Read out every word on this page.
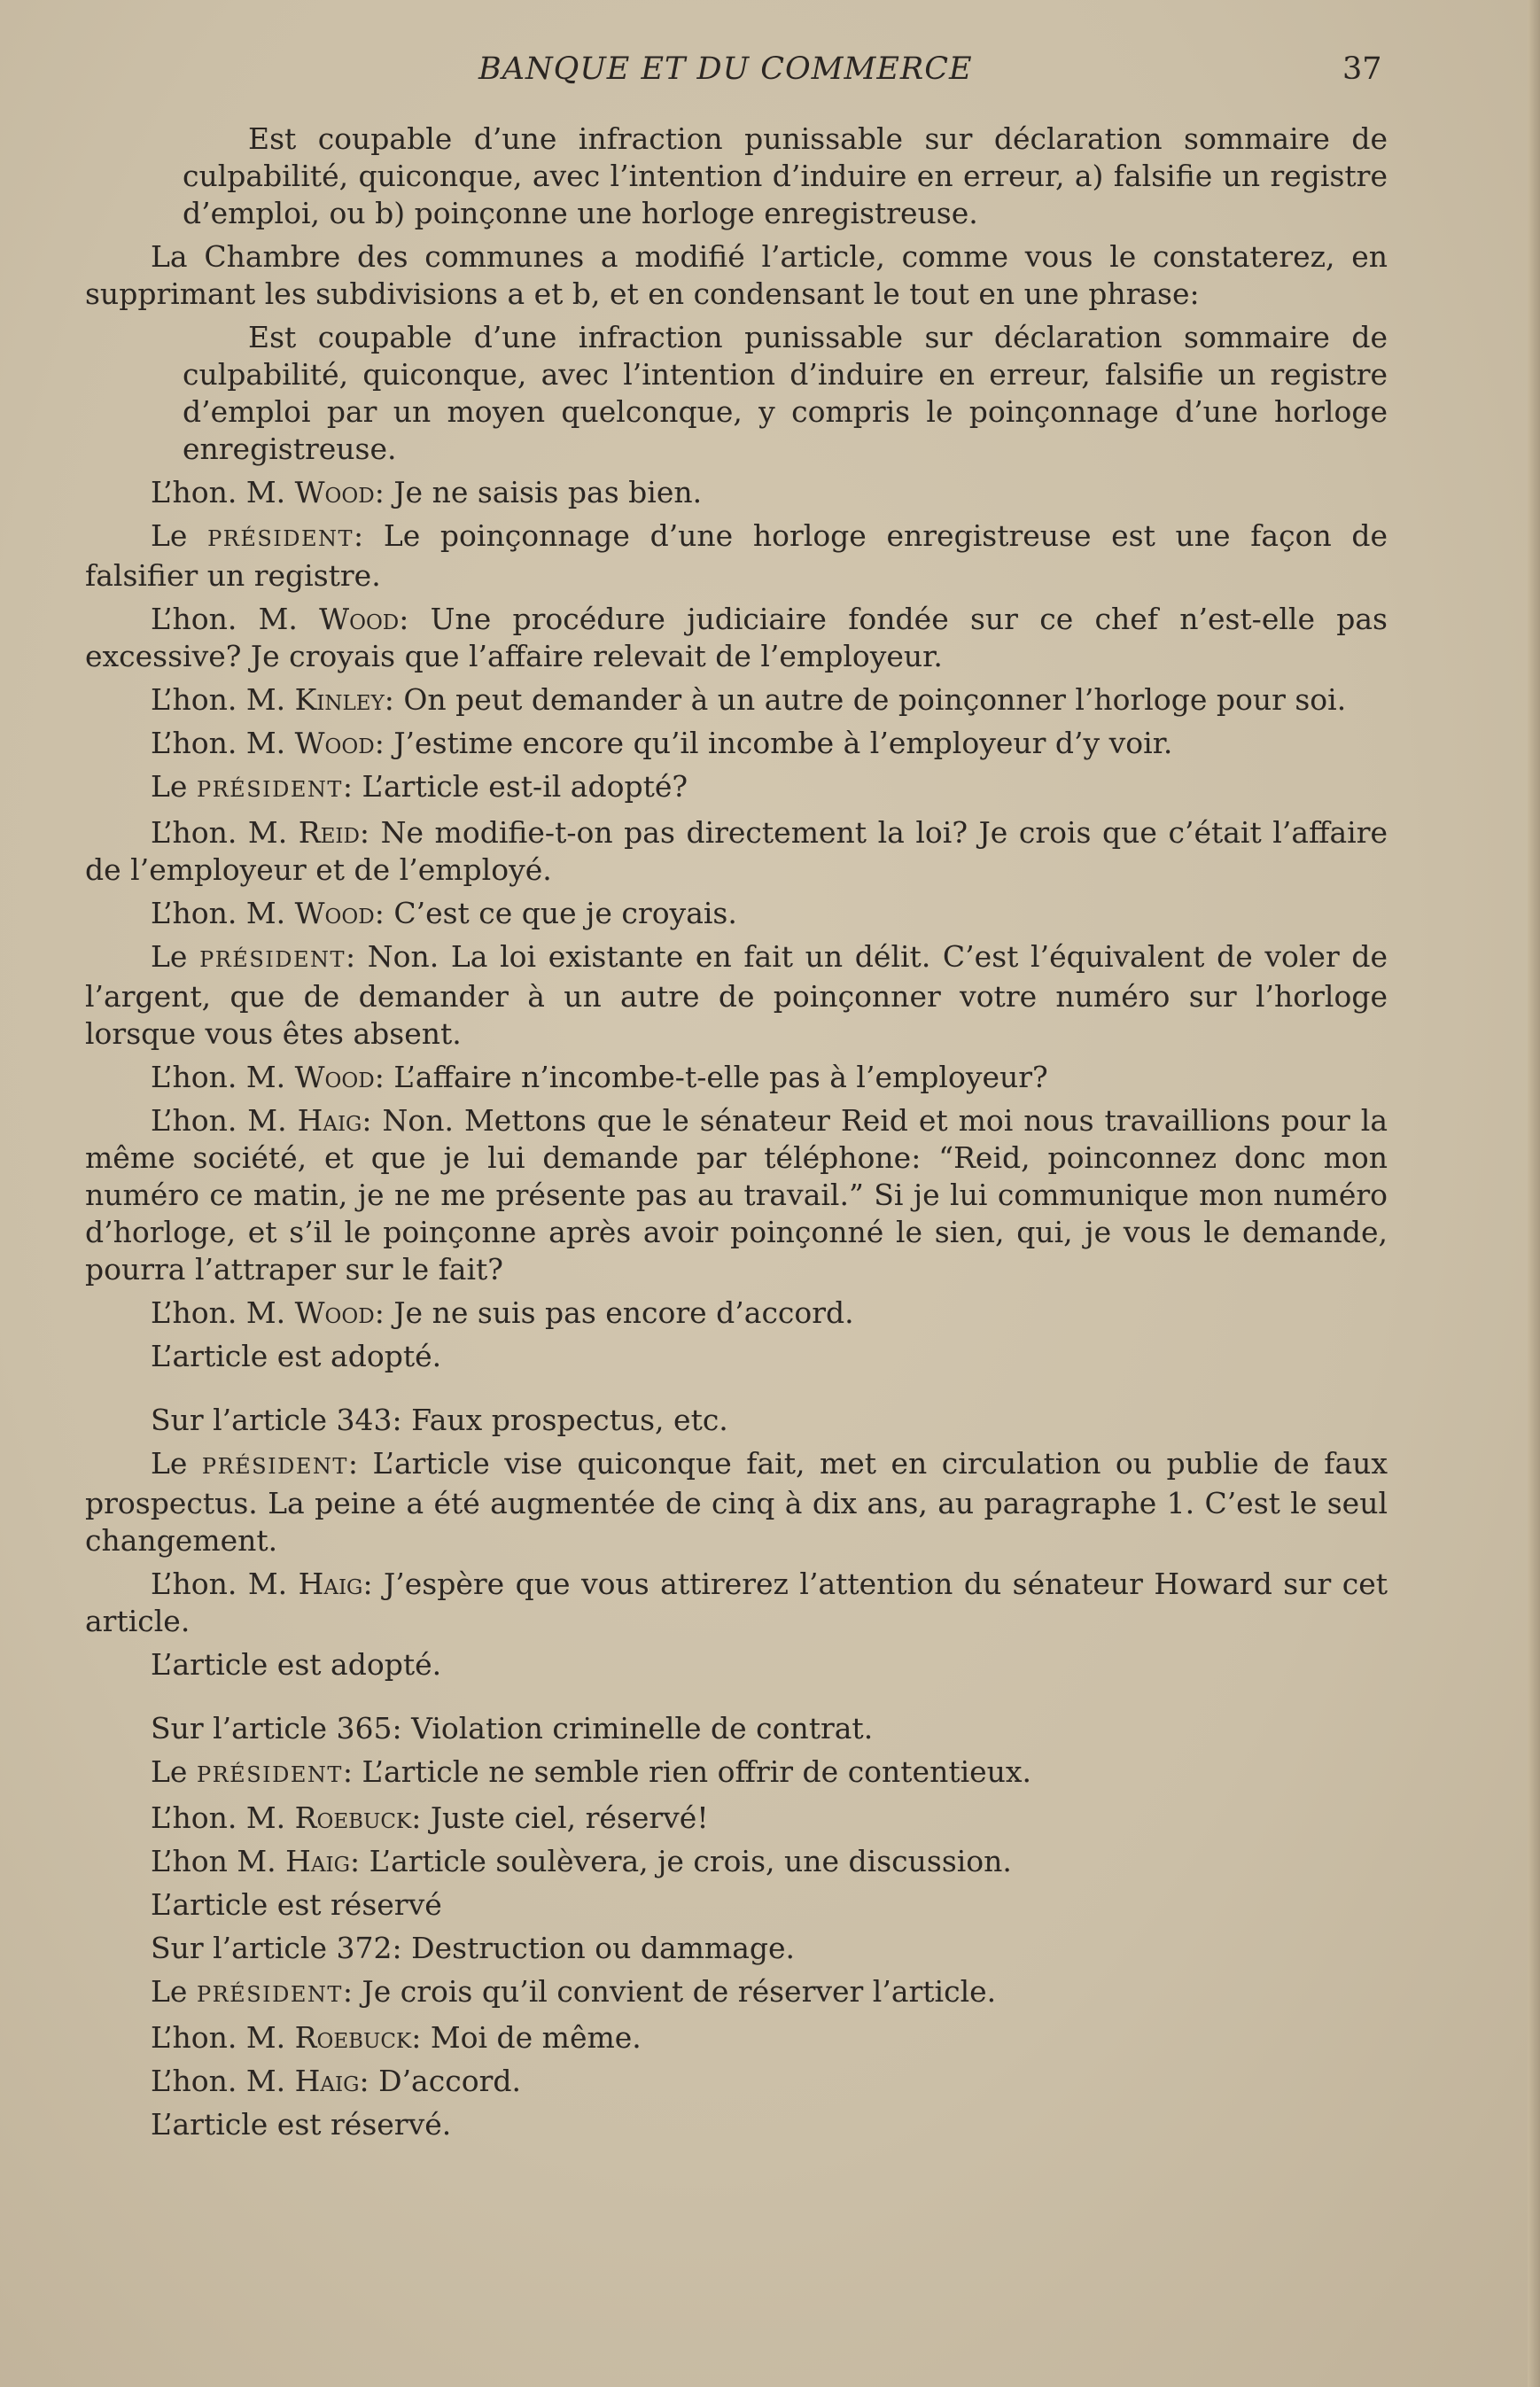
BANQUE ET DU COMMERCE	37

Est coupable d’une infraction punissable sur déclaration sommaire de culpabilité, quiconque, avec l’intention d’induire en erreur, a) falsifie un registre d’emploi, ou b) poinçonne une horloge enregistreuse.

La Chambre des communes a modifié l’article, comme vous le constaterez, en supprimant les subdivisions a et b, et en condensant le tout en une phrase:

Est coupable d’une infraction punissable sur déclaration sommaire de culpabilité, quiconque, avec l’intention d’induire en erreur, falsifie un registre d’emploi par un moyen quelconque, y compris le poinçonnage d’une horloge enregistreuse.

L’hon. M. Wood: Je ne saisis pas bien.

Le PRÉSIDENT: Le poinçonnage d’une horloge enregistreuse est une façon de falsifier un registre.

L’hon. M. Wood: Une procédure judiciaire fondée sur ce chef n’est-elle pas excessive? Je croyais que l’affaire relevait de l’employeur.

L’hon. M. Kinley: On peut demander à un autre de poinçonner l’horloge pour soi.

L’hon. M. Wood: J’estime encore qu’il incombe à l’employeur d’y voir.

Le PRÉSIDENT: L’article est-il adopté?

L’hon. M. Reid: Ne modifie-t-on pas directement la loi? Je crois que c’était l’affaire de l’employeur et de l’employé.

L’hon. M. Wood: C’est ce que je croyais.

Le PRÉSIDENT: Non. La loi existante en fait un délit. C’est l’équivalent de voler de l’argent, que de demander à un autre de poinçonner votre numéro sur l’horloge lorsque vous êtes absent.

L’hon. M. Wood: L’affaire n’incombe-t-elle pas à l’employeur?

L’hon. M. Haig: Non. Mettons que le sénateur Reid et moi nous travaillions pour la même société, et que je lui demande par téléphone: “Reid, poinconnez donc mon numéro ce matin, je ne me présente pas au travail.” Si je lui communique mon numéro d’horloge, et s’il le poinçonne après avoir poinçonné le sien, qui, je vous le demande, pourra l’attraper sur le fait?

L’hon. M. Wood: Je ne suis pas encore d’accord.

L’article est adopté.

Sur l’article 343: Faux prospectus, etc.

Le PRÉSIDENT: L’article vise quiconque fait, met en circulation ou publie de faux prospectus. La peine a été augmentée de cinq à dix ans, au paragraphe 1. C’est le seul changement.

L’hon. M. Haig: J’espère que vous attirerez l’attention du sénateur Howard sur cet article.

L’article est adopté.

Sur l’article 365: Violation criminelle de contrat.

Le PRÉSIDENT: L’article ne semble rien offrir de contentieux.

L’hon. M. Roebuck: Juste ciel, réservé!

L’hon M. Haig: L’article soulèvera, je crois, une discussion.

L’article est réservé

Sur l’article 372: Destruction ou dammage.

Le PRÉSIDENT: Je crois qu’il convient de réserver l’article.

L’hon. M. Roebuck: Moi de même.

L’hon. M. Haig: D’accord.

L’article est réservé.
